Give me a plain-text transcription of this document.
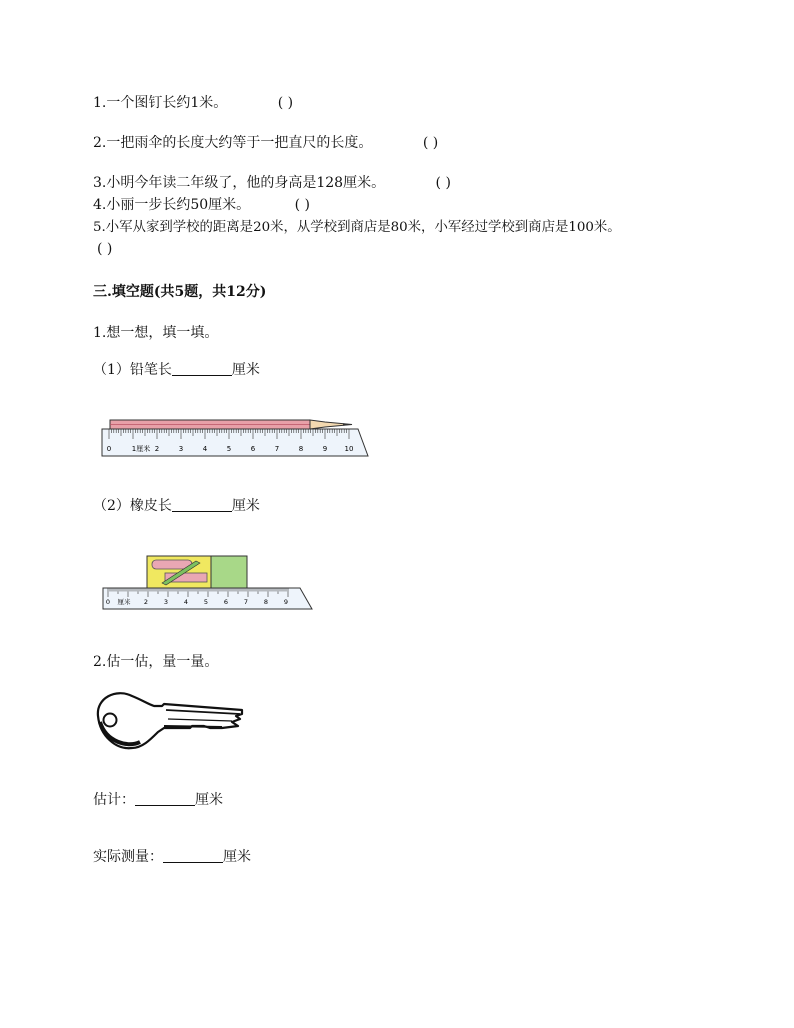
1.一个图钉长约1米。	( )
2.一把雨伞的长度大约等于一把直尺的长度。	( )
3.小明今年读二年级了，他的身高是128厘米。	( )
4.小丽一步长约50厘米。	( )
5.小军从家到学校的距离是20米，从学校到商店是80米，小军经过学校到商店是100米。
( )
三.填空题(共5题，共12分)
1.想一想，填一填。
（1）铅笔长	厘米
0	1厘米 2	3	4	5	6	7	8	9 10
（2）橡皮长	厘米
0 厘米 2 3 4 5 6 7 8 9
2.估一估，量一量。
估计：	厘米
实际测量：	厘米
